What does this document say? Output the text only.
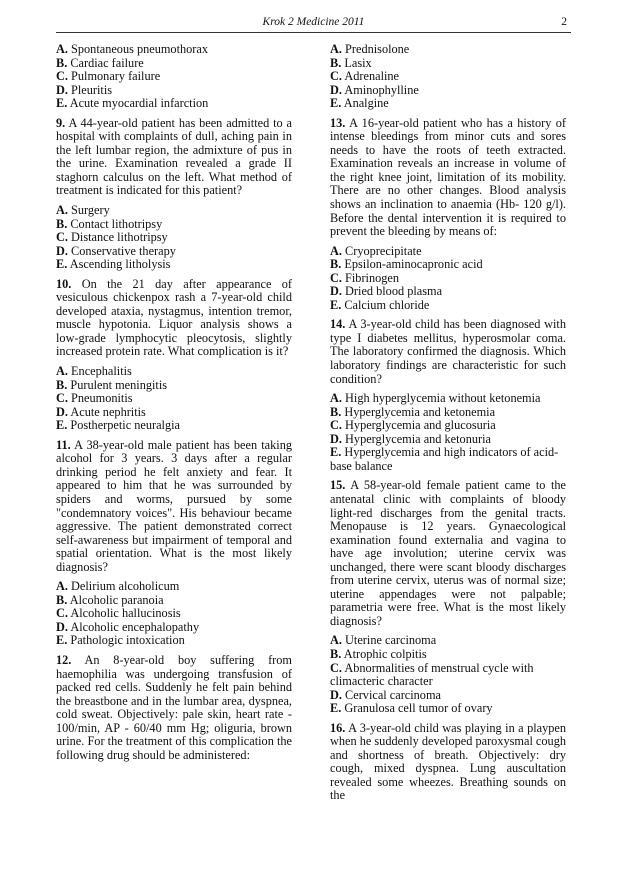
Krok 2 Medicine 2011	2
A. Spontaneous pneumothorax
B. Cardiac failure
C. Pulmonary failure
D. Pleuritis
E. Acute myocardial infarction
9. A 44-year-old patient has been admitted to a hospital with complaints of dull, aching pain in the left lumbar region, the admixture of pus in the urine. Examination revealed a grade II staghorn calculus on the left. What method of treatment is indicated for this patient?
A. Surgery
B. Contact lithotripsy
C. Distance lithotripsy
D. Conservative therapy
E. Ascending litholysis
10. On the 21 day after appearance of vesiculous chickenpox rash a 7-year-old child developed ataxia, nystagmus, intention tremor, muscle hypotonia. Liquor analysis shows a low-grade lymphocytic pleocytosis, slightly increased protein rate. What complication is it?
A. Encephalitis
B. Purulent meningitis
C. Pneumonitis
D. Acute nephritis
E. Postherpetic neuralgia
11. A 38-year-old male patient has been taking alcohol for 3 years. 3 days after a regular drinking period he felt anxiety and fear. It appeared to him that he was surrounded by spiders and worms, pursued by some "condemnatory voices". His behaviour became aggressive. The patient demonstrated correct self-awareness but impairment of temporal and spatial orientation. What is the most likely diagnosis?
A. Delirium alcoholicum
B. Alcoholic paranoia
C. Alcoholic hallucinosis
D. Alcoholic encephalopathy
E. Pathologic intoxication
12. An 8-year-old boy suffering from haemophilia was undergoing transfusion of packed red cells. Suddenly he felt pain behind the breastbone and in the lumbar area, dyspnea, cold sweat. Objectively: pale skin, heart rate - 100/min, AP - 60/40 mm Hg; oliguria, brown urine. For the treatment of this complication the following drug should be administered:
A. Prednisolone
B. Lasix
C. Adrenaline
D. Aminophylline
E. Analgine
13. A 16-year-old patient who has a history of intense bleedings from minor cuts and sores needs to have the roots of teeth extracted. Examination reveals an increase in volume of the right knee joint, limitation of its mobility. There are no other changes. Blood analysis shows an inclination to anaemia (Hb- 120 g/l). Before the dental intervention it is required to prevent the bleeding by means of:
A. Cryoprecipitate
B. Epsilon-aminocapronic acid
C. Fibrinogen
D. Dried blood plasma
E. Calcium chloride
14. A 3-year-old child has been diagnosed with type I diabetes mellitus, hyperosmolar coma. The laboratory confirmed the diagnosis. Which laboratory findings are characteristic for such condition?
A. High hyperglycemia without ketonemia
B. Hyperglycemia and ketonemia
C. Hyperglycemia and glucosuria
D. Hyperglycemia and ketonuria
E. Hyperglycemia and high indicators of acid-base balance
15. A 58-year-old female patient came to the antenatal clinic with complaints of bloody light-red discharges from the genital tracts. Menopause is 12 years. Gynaecological examination found externalia and vagina to have age involution; uterine cervix was unchanged, there were scant bloody discharges from uterine cervix, uterus was of normal size; uterine appendages were not palpable; parametria were free. What is the most likely diagnosis?
A. Uterine carcinoma
B. Atrophic colpitis
C. Abnormalities of menstrual cycle with climacteric character
D. Cervical carcinoma
E. Granulosa cell tumor of ovary
16. A 3-year-old child was playing in a playpen when he suddenly developed paroxysmal cough and shortness of breath. Objectively: dry cough, mixed dyspnea. Lung auscultation revealed some wheezes. Breathing sounds on the
